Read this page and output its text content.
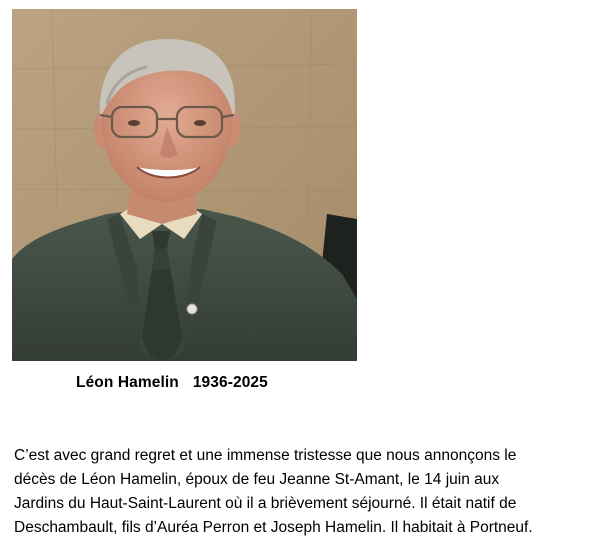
Léon Hamelin 1936-2025

C’est avec grand regret et une immense tristesse que nous annonçons le

décès de Léon Hamelin, époux de feu Jeanne St-Amant, le 14 juin aux

Jardins du Haut-Saint-Laurent où il a brièvement séjourné. Il était natif de

Deschambault, fils d’Auréa Perron et Joseph Hamelin. Il habitait à Portneuf.
